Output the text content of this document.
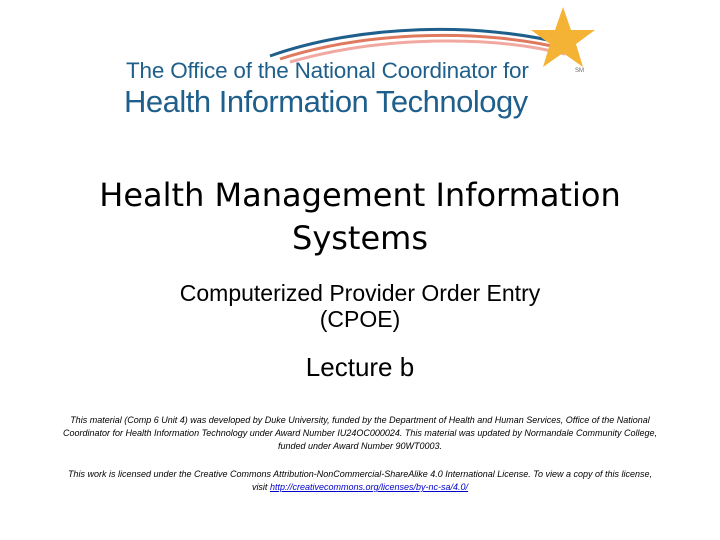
The Office of the National Coordinator for
Health Information Technology
SM
Health Management Information
Systems
Computerized Provider Order Entry
(CPOE)
Lecture b
This material (Comp 6 Unit 4) was developed by Duke University, funded by the Department of Health and Human Services, Office of the National Coordinator for Health Information Technology under Award Number IU24OC000024. This material was updated by Normandale Community College, funded under Award Number 90WT0003.
This work is licensed under the Creative Commons Attribution-NonCommercial-ShareAlike 4.0 International License. To view a copy of this license, visit http://creativecommons.org/licenses/by-nc-sa/4.0/
